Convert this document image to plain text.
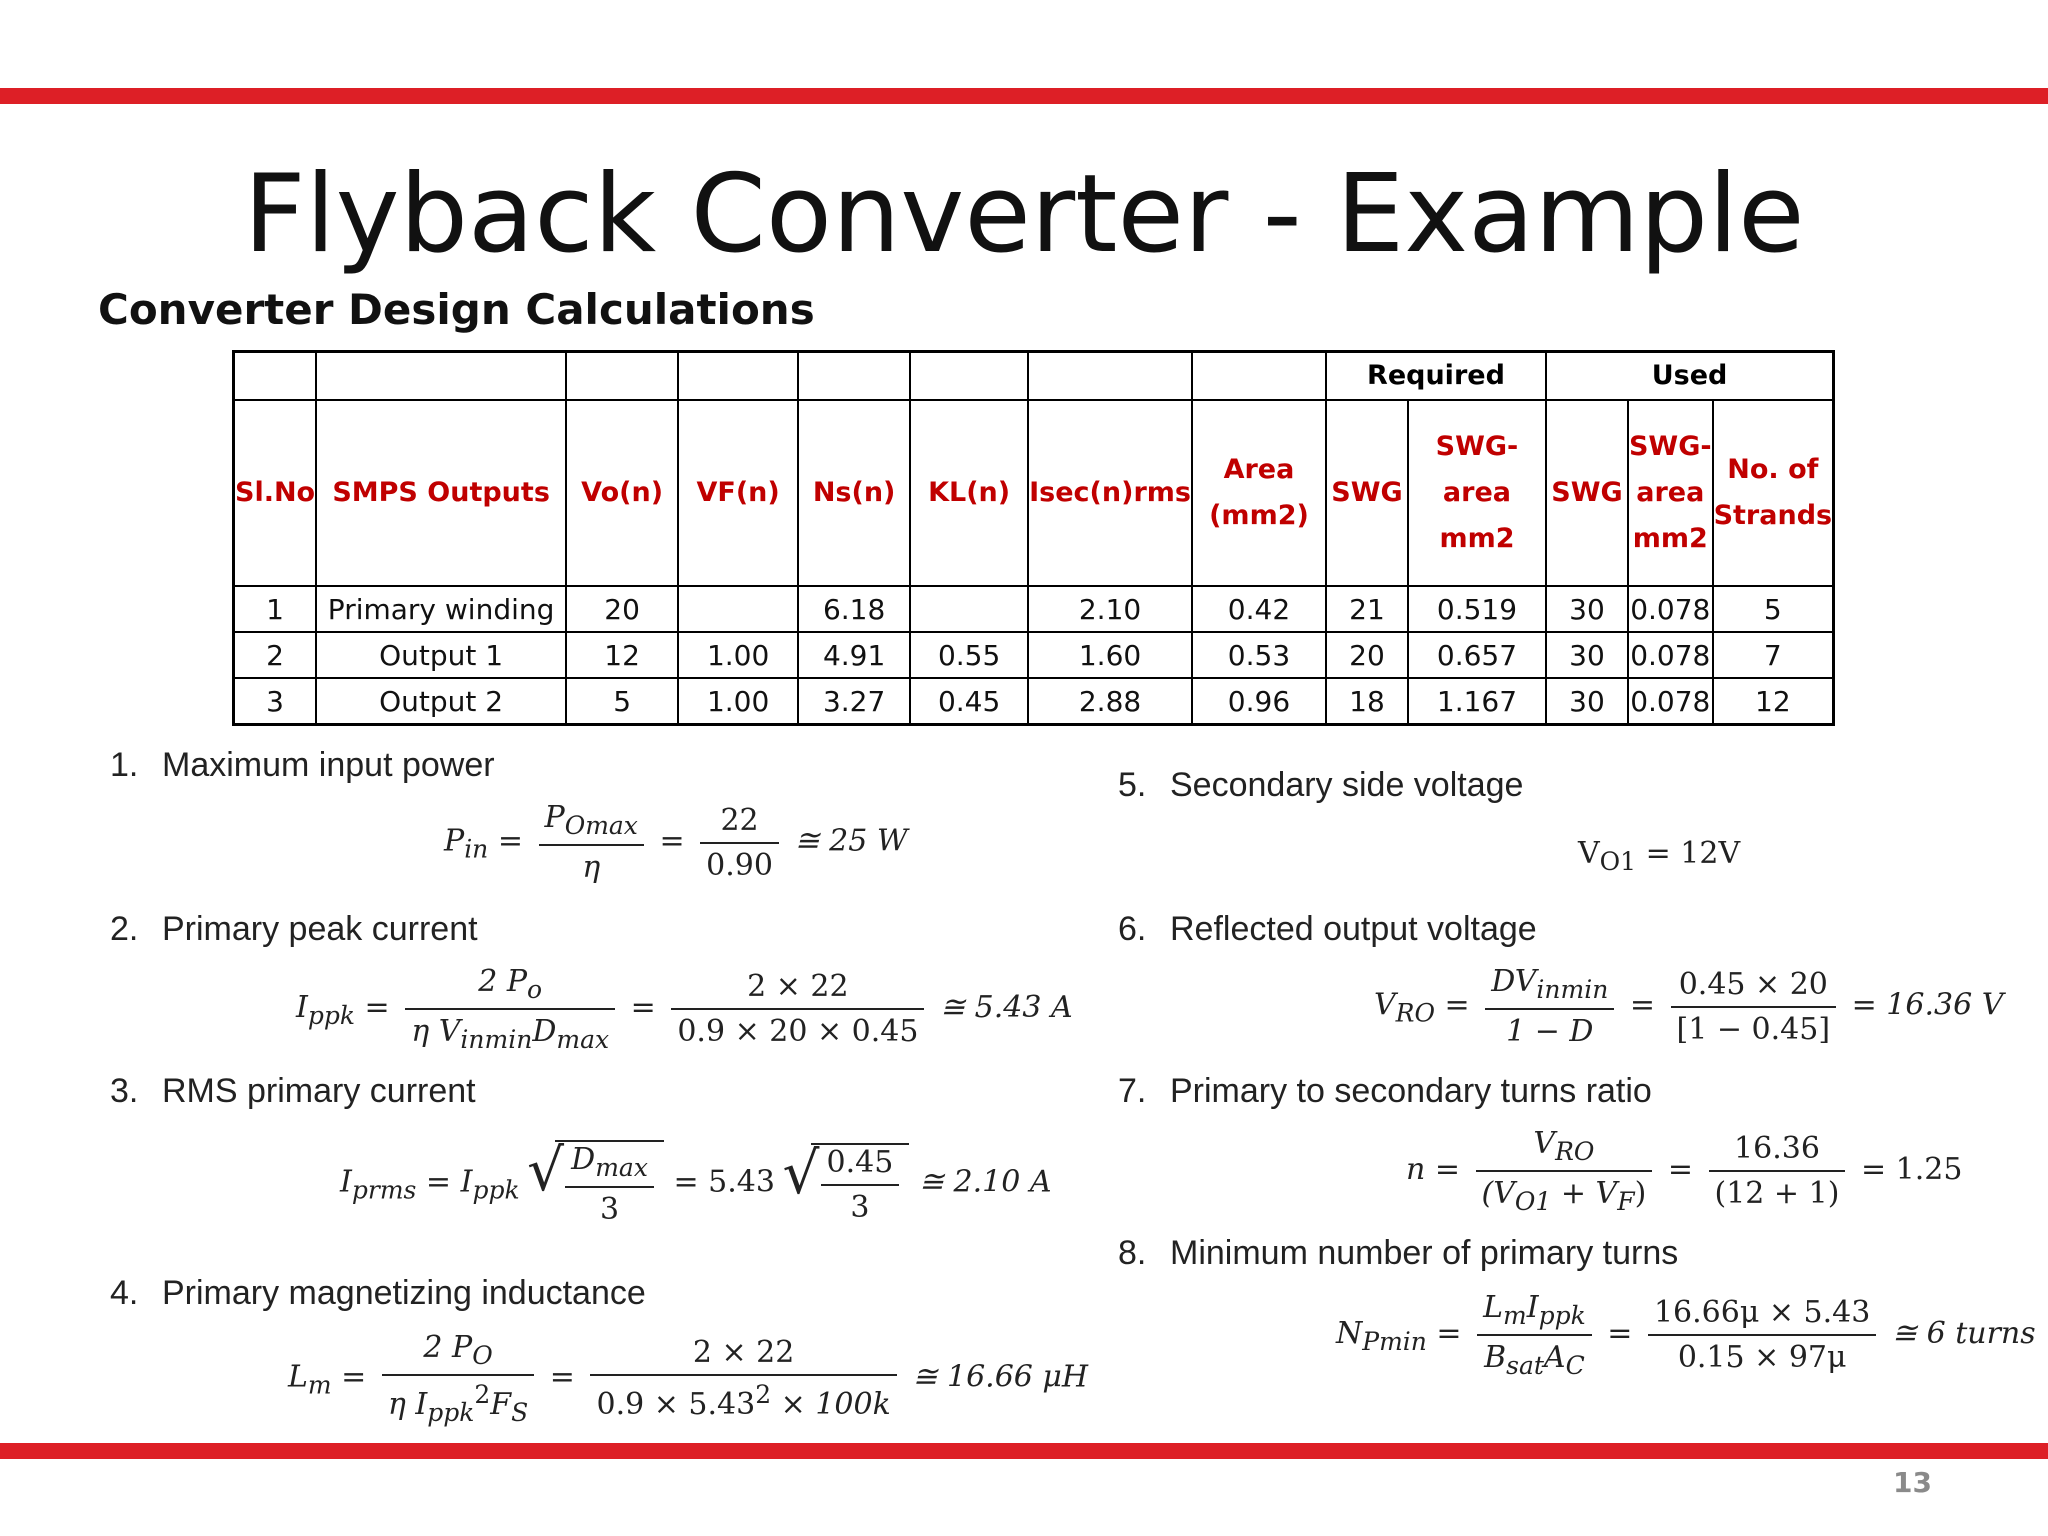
Flyback Converter - Example
Converter Design Calculations
								Required		Used		
Sl.No	SMPS Outputs	Vo(n)	VF(n)	Ns(n)	KL(n)	Isec(n)rms	Area (mm2)	SWG	SWG-area mm2	SWG	SWG- area mm2	No. of Strands
1	Primary winding	20		6.18		2.10	0.42	21	0.519	30	0.078	5
2	Output 1	12	1.00	4.91	0.55	1.60	0.53	20	0.657	30	0.078	7
3	Output 2	5	1.00	3.27	0.45	2.88	0.96	18	1.167	30	0.078	12
1. Maximum input power
2. Primary peak current
3. RMS primary current
4. Primary magnetizing inductance
5. Secondary side voltage
6. Reflected output voltage
7. Primary to secondary turns ratio
8. Minimum number of primary turns
$P_{in} = \frac{P_{Omax}}{\eta} = \frac{22}{0.90}$ ≅ 25 W
$I_{ppk} = \frac{2 P_o}{\eta V_{inmin}D_{max}} = \frac{2 \times 22}{0.9 \times 20 \times 0.45}$ ≅ 5.43 A
$I_{prms} = I_{ppk}$ √ $\frac{D_{max}}{3} = 5.43$ √ $\frac{0.45}{3}$ ≅ 2.10 A
$L_m = \frac{2 P_O}{\eta I_{ppk}^2F_S} = \frac{2 \times 22}{0.9 \times 5.43^2 \times 100k}$ ≅ 16.66 μH
$V_{O1} = 12V$
$V_{RO} = \frac{DV_{inmin}}{1 - D} = \frac{0.45 \times 20}{[1 - 0.45]} = 16.36$ V
$n = \frac{V_{RO}}{(V_{O1} + V_F)} = \frac{16.36}{(12 + 1)} = 1.25$
$N_{Pmin} = \frac{L_mI_{ppk}}{B_{sat}A_C} = \frac{16.66\mu \times 5.43}{0.15 \times 97\mu}$ ≅ 6 turns
13
